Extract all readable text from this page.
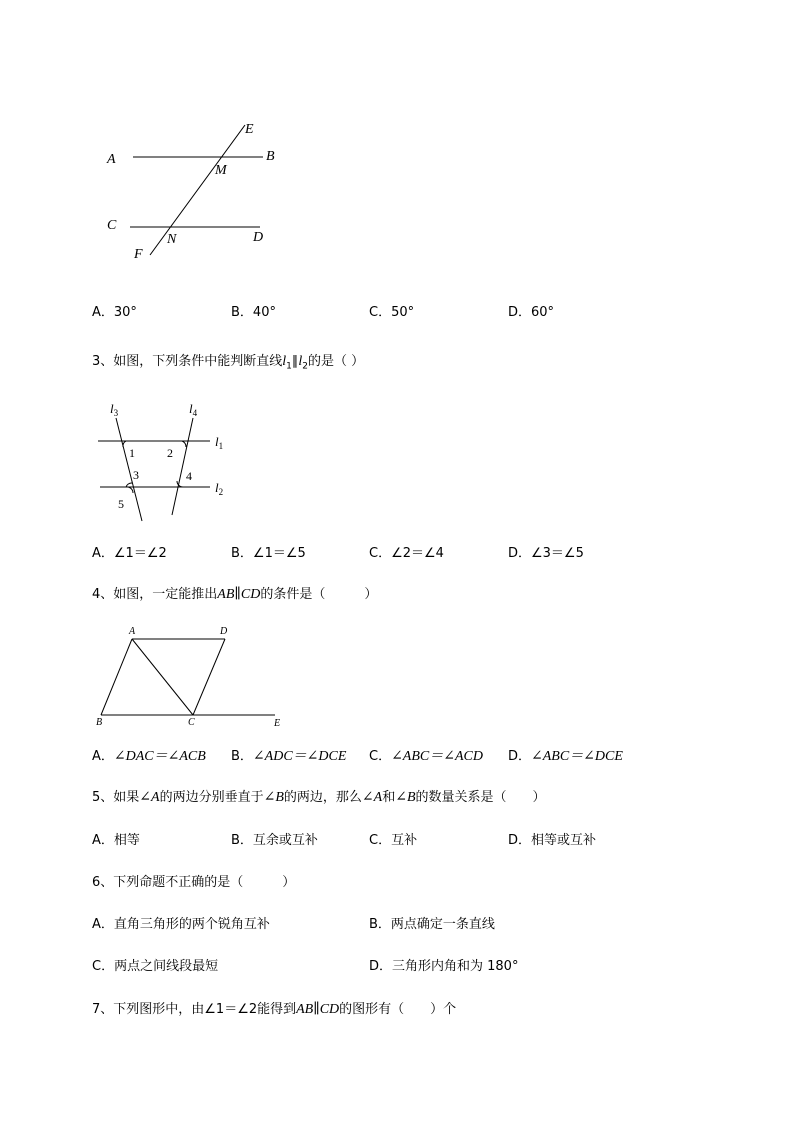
A	B
C
D
E
F
M
N
A．30°	B．40°	C．50°	D．60°
3、如图，下列条件中能判断直线$l_1\parallel l_2$的是（ ）
$l_3$	$l_4$
$l_1$
$l_2$
1	2
3	4
5
A．∠1＝∠2	B．∠1＝∠5	C．∠2＝∠4	D．∠3＝∠5
4、如图，一定能推出AB∥CD的条件是（　　　）
A	D
B	C	E
A．∠DAC＝∠ACB B．∠ADC＝∠DCE C．∠ABC＝∠ACD D．∠ABC＝∠DCE
5、如果∠A的两边分别垂直于∠B的两边，那么∠A和∠B的数量关系是（　　）
A．相等	B．互余或互补	C．互补	D．相等或互补
6、下列命题不正确的是（　　　）
A．直角三角形的两个锐角互补	B．两点确定一条直线
C．两点之间线段最短	D．三角形内角和为 180°
7、下列图形中，由∠1＝∠2能得到AB∥CD的图形有（　　）个
